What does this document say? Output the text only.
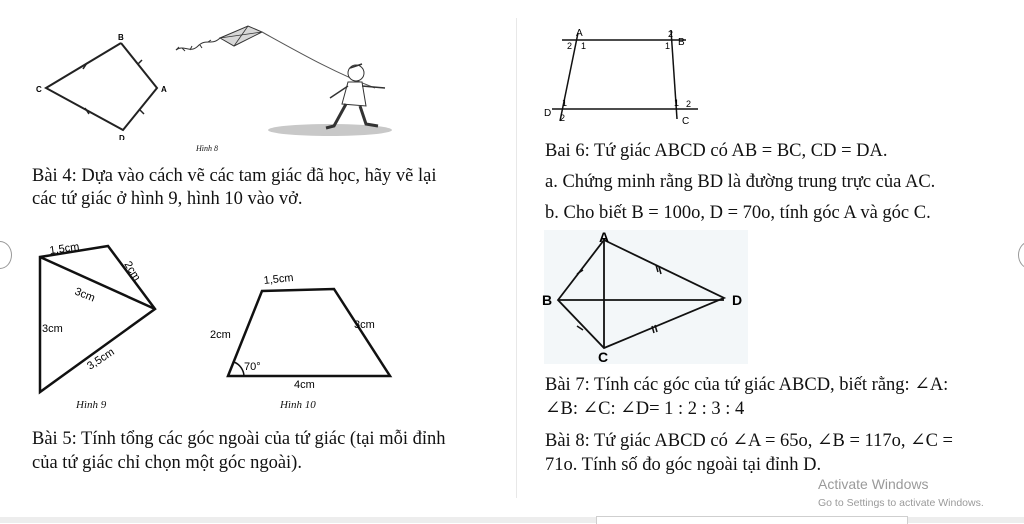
B
C	A
D
Hình 8
Bài 4: Dựa vào cách vẽ các tam giác đã học, hãy vẽ lại
các tứ giác ở hình 9, hình 10 vào vở.
1,5cm
2cm
3cm
3cm
3,5cm
Hình 9
1,5cm
2cm
3cm
70°
4cm
Hình 10
Bài 5: Tính tổng các góc ngoài của tứ giác (tại mỗi đỉnh
của tứ giác chỉ chọn một góc ngoài).
A
B
C
D
2 1
2
1
1
2
1 2
Bai 6: Tứ giác ABCD có AB = BC, CD = DA.
a. Chứng minh rằng BD là đường trung trực của AC.
b. Cho biết B = 100o, D = 70o, tính góc A và góc C.
A
B
C
D
Bài 7: Tính các góc của tứ giác ABCD, biết rằng: ∠A:
∠B: ∠C: ∠D= 1 : 2 : 3 : 4
Bài 8: Tứ giác ABCD có ∠A = 65o, ∠B = 117o, ∠C =
71o. Tính số đo góc ngoài tại đỉnh D.
Activate Windows
Go to Settings to activate Windows.
